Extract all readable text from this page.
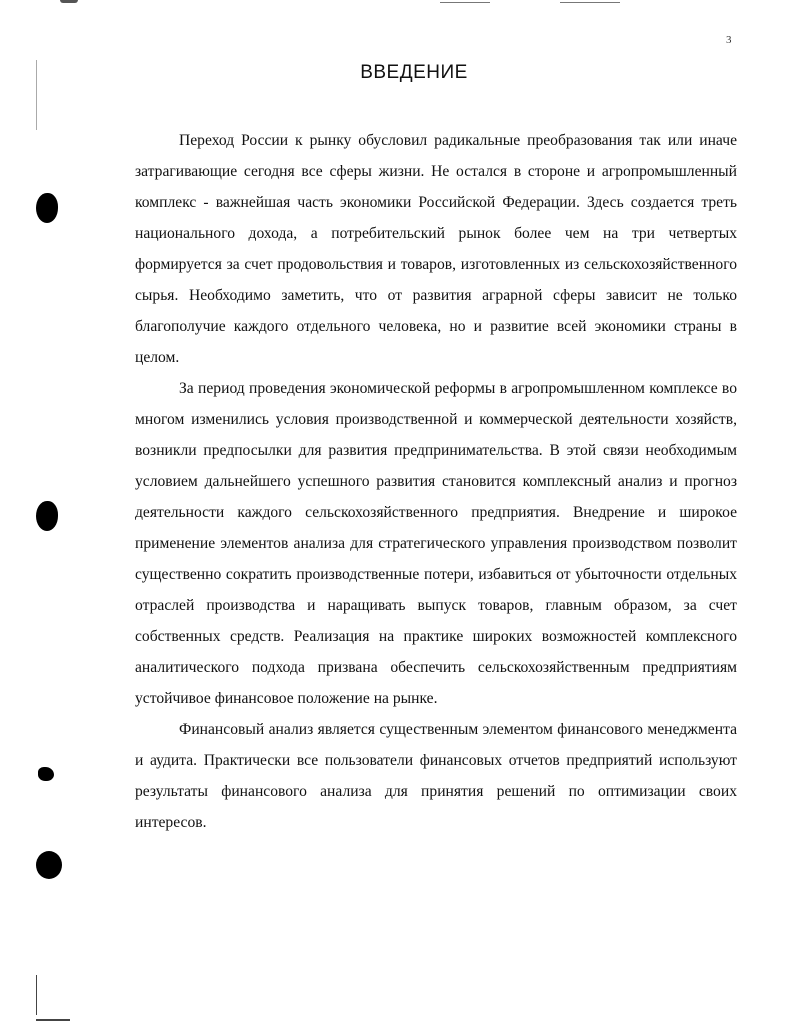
3
ВВЕДЕНИЕ

Переход России к рынку обусловил радикальные преобразования так или иначе затрагивающие сегодня все сферы жизни. Не остался в стороне и агропромышленный комплекс - важнейшая часть экономики Российской Федерации. Здесь создается треть национального дохода, а потребительский рынок более чем на три четвертых формируется за счет продовольствия и товаров, изготовленных из сельскохозяйственного сырья. Необходимо заметить, что от развития аграрной сферы зависит не только благополучие каждого отдельного человека, но и развитие всей экономики страны в целом.

За период проведения экономической реформы в агропромышленном комплексе во многом изменились условия производственной и коммерческой деятельности хозяйств, возникли предпосылки для развития предпринимательства. В этой связи необходимым условием дальнейшего успешного развития становится комплексный анализ и прогноз деятельности каждого сельскохозяйственного предприятия. Внедрение и широкое применение элементов анализа для стратегического управления производством позволит существенно сократить производственные потери, избавиться от убыточности отдельных отраслей производства и наращивать выпуск товаров, главным образом, за счет собственных средств. Реализация на практике широких возможностей комплексного аналитического подхода призвана обеспечить сельскохозяйственным предприятиям устойчивое финансовое положение на рынке.

Финансовый анализ является существенным элементом финансового менеджмента и аудита. Практически все пользователи финансовых отчетов предприятий используют результаты финансового анализа для принятия решений по оптимизации своих интересов.
